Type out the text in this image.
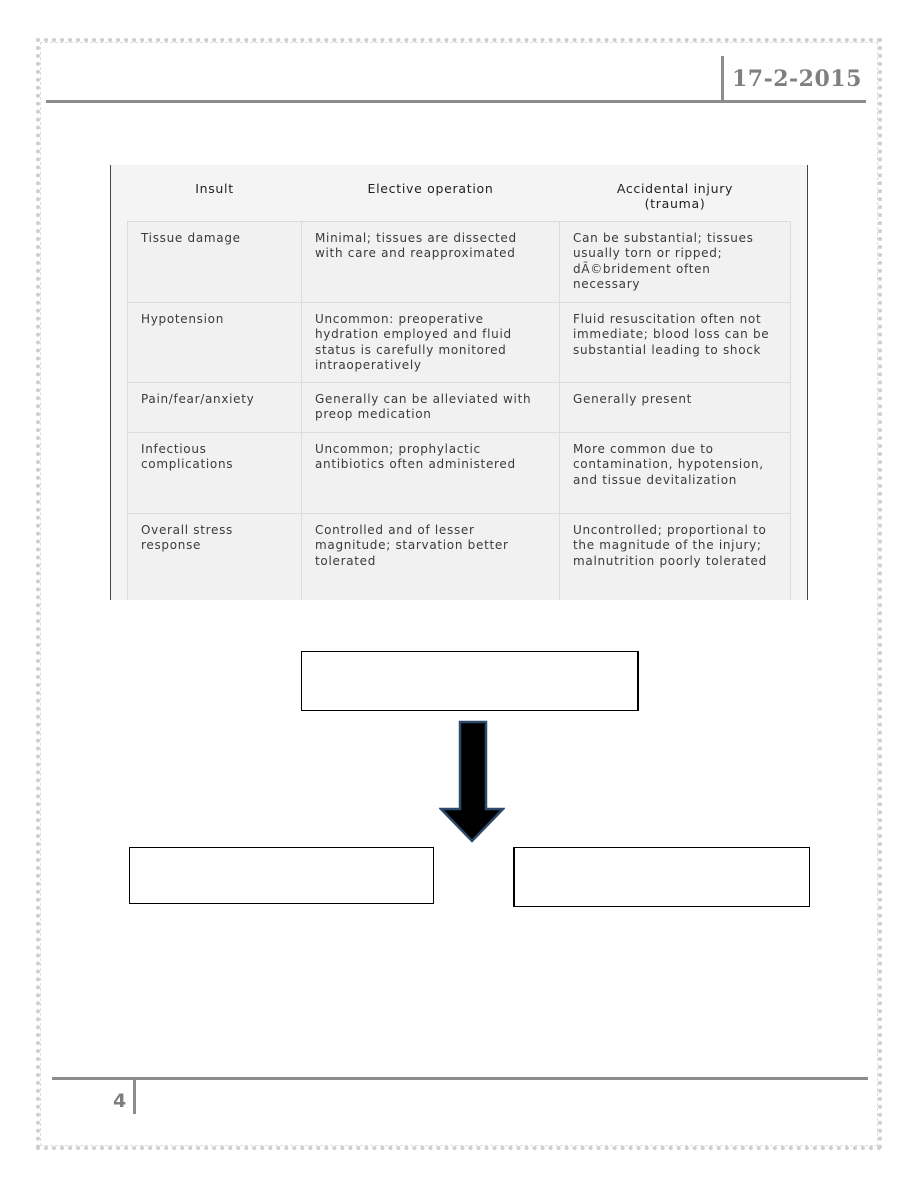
17-2-2015
Insult	Elective operation	Accidental injury (trauma)
Tissue damage	Minimal; tissues are dissected with care and reapproximated	Can be substantial; tissues usually torn or ripped; dÃ©bridement often necessary
Hypotension	Uncommon: preoperative hydration employed and fluid status is carefully monitored intraoperatively	Fluid resuscitation often not immediate; blood loss can be substantial leading to shock
Pain/fear/anxiety	Generally can be alleviated with preop medication	Generally present
Infectious complications	Uncommon; prophylactic antibiotics often administered	More common due to contamination, hypotension, and tissue devitalization
Overall stress response	Controlled and of lesser magnitude; starvation better tolerated	Uncontrolled; proportional to the magnitude of the injury; malnutrition poorly tolerated
4
